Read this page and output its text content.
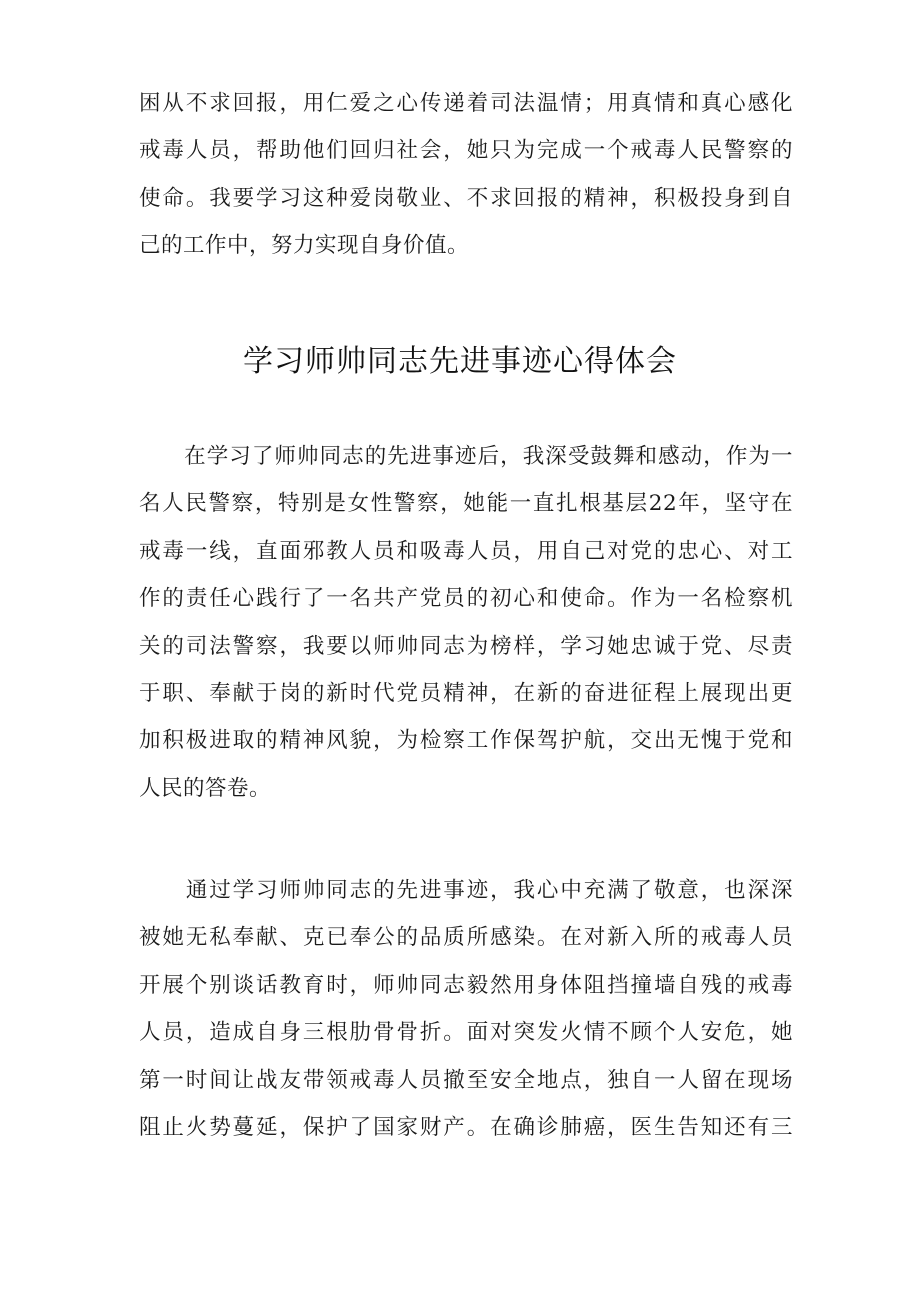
困从不求回报，用仁爱之心传递着司法温情；用真情和真心感化
戒毒人员，帮助他们回归社会，她只为完成一个戒毒人民警察的
使命。我要学习这种爱岗敬业、不求回报的精神，积极投身到自
己的工作中，努力实现自身价值。
学习师帅同志先进事迹心得体会
　　在学习了师帅同志的先进事迹后，我深受鼓舞和感动，作为一
名人民警察，特别是女性警察，她能一直扎根基层22年，坚守在
戒毒一线，直面邪教人员和吸毒人员，用自己对党的忠心、对工
作的责任心践行了一名共产党员的初心和使命。作为一名检察机
关的司法警察，我要以师帅同志为榜样，学习她忠诚于党、尽责
于职、奉献于岗的新时代党员精神，在新的奋进征程上展现出更
加积极进取的精神风貌，为检察工作保驾护航，交出无愧于党和
人民的答卷。
　　通过学习师帅同志的先进事迹，我心中充满了敬意，也深深
被她无私奉献、克已奉公的品质所感染。在对新入所的戒毒人员
开展个别谈话教育时，师帅同志毅然用身体阻挡撞墙自残的戒毒
人员，造成自身三根肋骨骨折。面对突发火情不顾个人安危，她
第一时间让战友带领戒毒人员撤至安全地点，独自一人留在现场
阻止火势蔓延，保护了国家财产。在确诊肺癌，医生告知还有三
